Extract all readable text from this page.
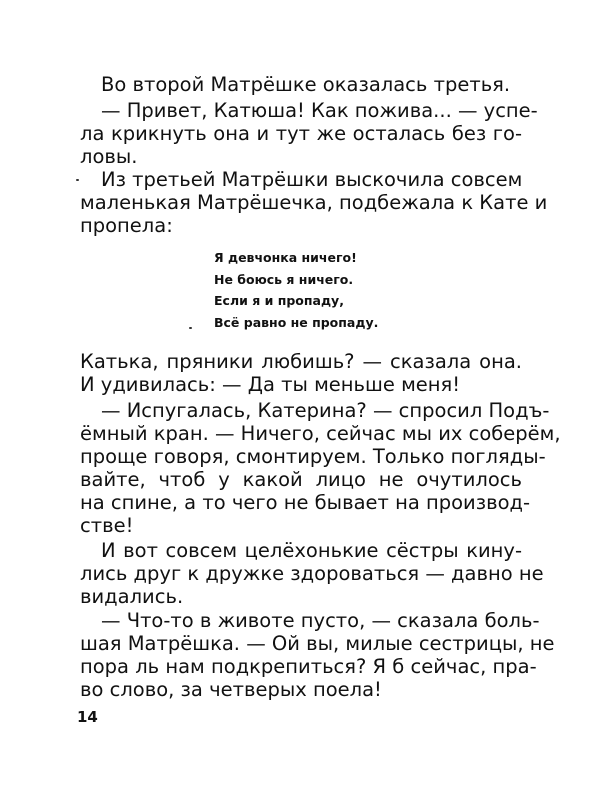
Во второй Матрёшке оказалась третья.
— Привет, Катюша! Как пожива... — успе-
ла крикнуть она и тут же осталась без го-
ловы.
Из третьей Матрёшки выскочила совсем
маленькая Матрёшечка, подбежала к Кате и
пропела:
Я девчонка ничего!
Не боюсь я ничего.
Если я и пропаду,
Всё равно не пропаду.
Катька, пряники любишь? — сказала она.
И удивилась: — Да ты меньше меня!
— Испугалась, Катерина? — спросил Подъ-
ёмный кран. — Ничего, сейчас мы их соберём,
проще говоря, смонтируем. Только погляды-
вайте, чтоб у какой лицо не очутилось
на спине, а то чего не бывает на производ-
стве!
И вот совсем целёхонькие сёстры кину-
лись друг к дружке здороваться — давно не
видались.
— Что-то в животе пусто, — сказала боль-
шая Матрёшка. — Ой вы, милые сестрицы, не
пора ль нам подкрепиться? Я б сейчас, пра-
во слово, за четверых поела!
14
